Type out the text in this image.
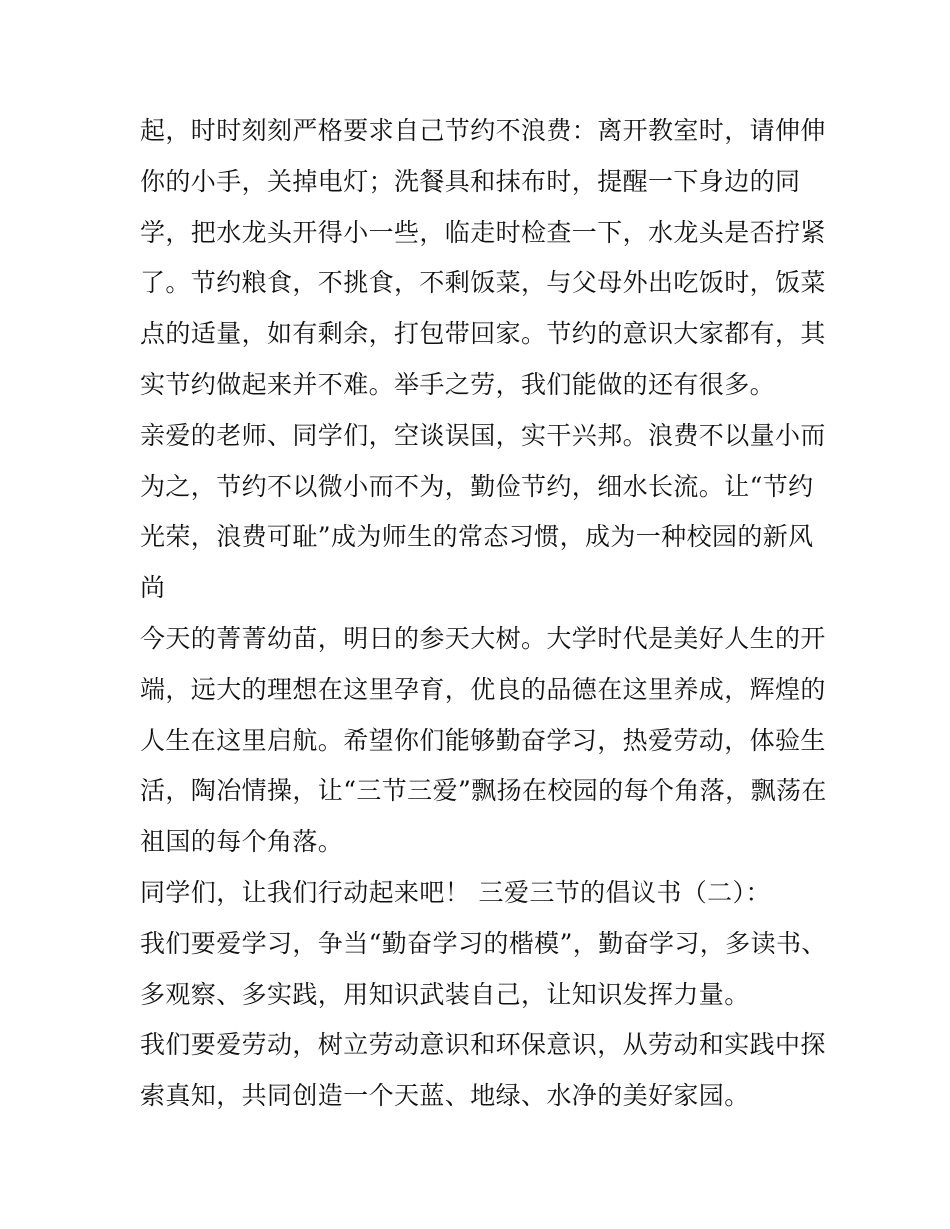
起，时时刻刻严格要求自己节约不浪费：离开教室时，请伸伸
你的小手，关掉电灯；洗餐具和抹布时，提醒一下身边的同
学，把水龙头开得小一些，临走时检查一下，水龙头是否拧紧
了。节约粮食，不挑食，不剩饭菜，与父母外出吃饭时，饭菜
点的适量，如有剩余，打包带回家。节约的意识大家都有，其
实节约做起来并不难。举手之劳，我们能做的还有很多。
亲爱的老师、同学们，空谈误国，实干兴邦。浪费不以量小而
为之，节约不以微小而不为，勤俭节约，细水长流。让“节约
光荣，浪费可耻”成为师生的常态习惯，成为一种校园的新风
尚
今天的菁菁幼苗，明日的参天大树。大学时代是美好人生的开
端，远大的理想在这里孕育，优良的品德在这里养成，辉煌的
人生在这里启航。希望你们能够勤奋学习，热爱劳动，体验生
活，陶冶情操，让“三节三爱”飘扬在校园的每个角落，飘荡在
祖国的每个角落。
同学们，让我们行动起来吧！ 三爱三节的倡议书（二）：
我们要爱学习，争当“勤奋学习的楷模”，勤奋学习，多读书、
多观察、多实践，用知识武装自己，让知识发挥力量。
我们要爱劳动，树立劳动意识和环保意识，从劳动和实践中探
索真知，共同创造一个天蓝、地绿、水净的美好家园。
